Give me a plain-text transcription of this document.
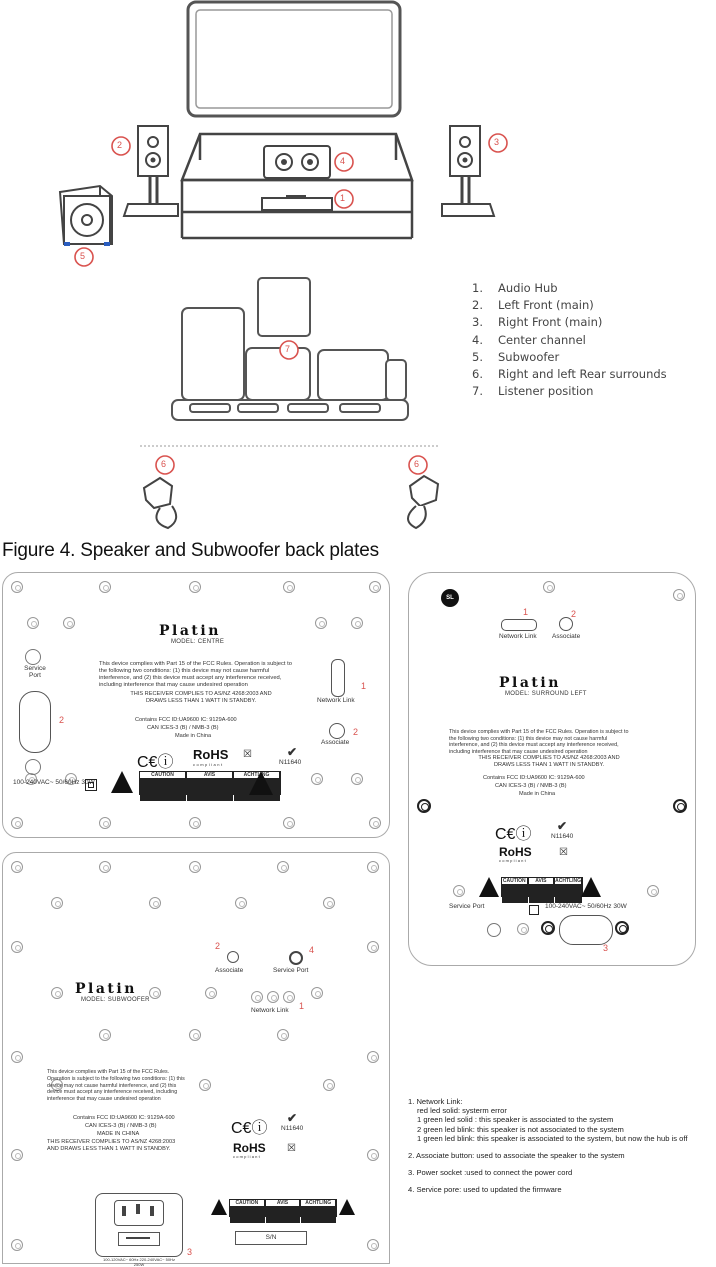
1
2	3
4
5
6	6
7
1. Audio Hub
2. Left Front (main)
3. Right Front (main)
4. Center channel
5. Subwoofer
6. Right and left Rear surrounds
7. Listener position
Figure 4. Speaker and Subwoofer back plates
Service Port
2
100-240VAC~ 50/60Hz 30W
Platin
MODEL: CENTRE
This device complies with Part 15 of the FCC Rules. Operation is subject to the following two conditions: (1) this device may not cause harmful interference, and (2) this device must accept any interference received, including interference that may cause undesired operation
THIS RECEIVER COMPLIES TO AS/NZ 4268:2003 AND DRAWS LESS THAN 1 WATT IN STANDBY.
Contains FCC ID:UA9600 IC: 9129A-600
CAN ICES-3 (B) / NMB-3 (B)
Made in China
C€ⓘ RoHS
compliant
☒	✔
N11640
CAUTION	AVIS	ACHTLING
Network Link
1
Associate
2
SL
1
Network Link
2
Associate
Platin
MODEL: SURROUND LEFT
This device complies with Part 15 of the FCC Rules. Operation is subject to the following two conditions: (1) this device may not cause harmful interference, and (2) this device must accept any interference received, including interference that may cause undesired operation
THIS RECEIVER COMPLIES TO AS/NZ 4268:2003 AND DRAWS LESS THAN 1 WATT IN STANDBY.
Contains FCC ID:UA9600 IC: 9129A-600
CAN ICES-3 (B) / NMB-3 (B)
Made in China
C€ⓘ ✔
N11640
RoHS
compliant
☒
CAUTION	AVIS	ACHTLING
Service Port	100-240VAC~ 50/60Hz 30W
3
2
Associate
4
Service Port
Platin
MODEL: SUBWOOFER
Network Link 1
This device complies with Part 15 of the FCC Rules. Operation is subject to the following two conditions: (1) this device may not cause harmful interference, and (2) this device must accept any interference received, including interference that may cause undesired operation
Contains FCC ID:UA9600 IC: 9129A-600
CAN ICES-3 (B) / NMB-3 (B)
MADE IN CHINA
THIS RECEIVER COMPLIES TO AS/NZ 4268:2003 AND DRAWS LESS THAN 1 WATT IN STANDBY.
C€ⓘ
✔
N11640
RoHS
compliant
☒
3
CAUTION	AVIS	ACHTLING
S/N
100-120VAC~ 60Hz 220-240VAC~ 50Hz 250W
1. Network Link:
red led solid: systerm error
1 green led solid : this speaker is associated to the system
2 green led blink: this speaker is not associated to the system
1 green led blink: this speaker is associated to the system, but now the hub is off
2. Associate button: used to associate the speaker to the system
3. Power socket :used to connect the power cord
4. Service pore: used to updated the firmware
